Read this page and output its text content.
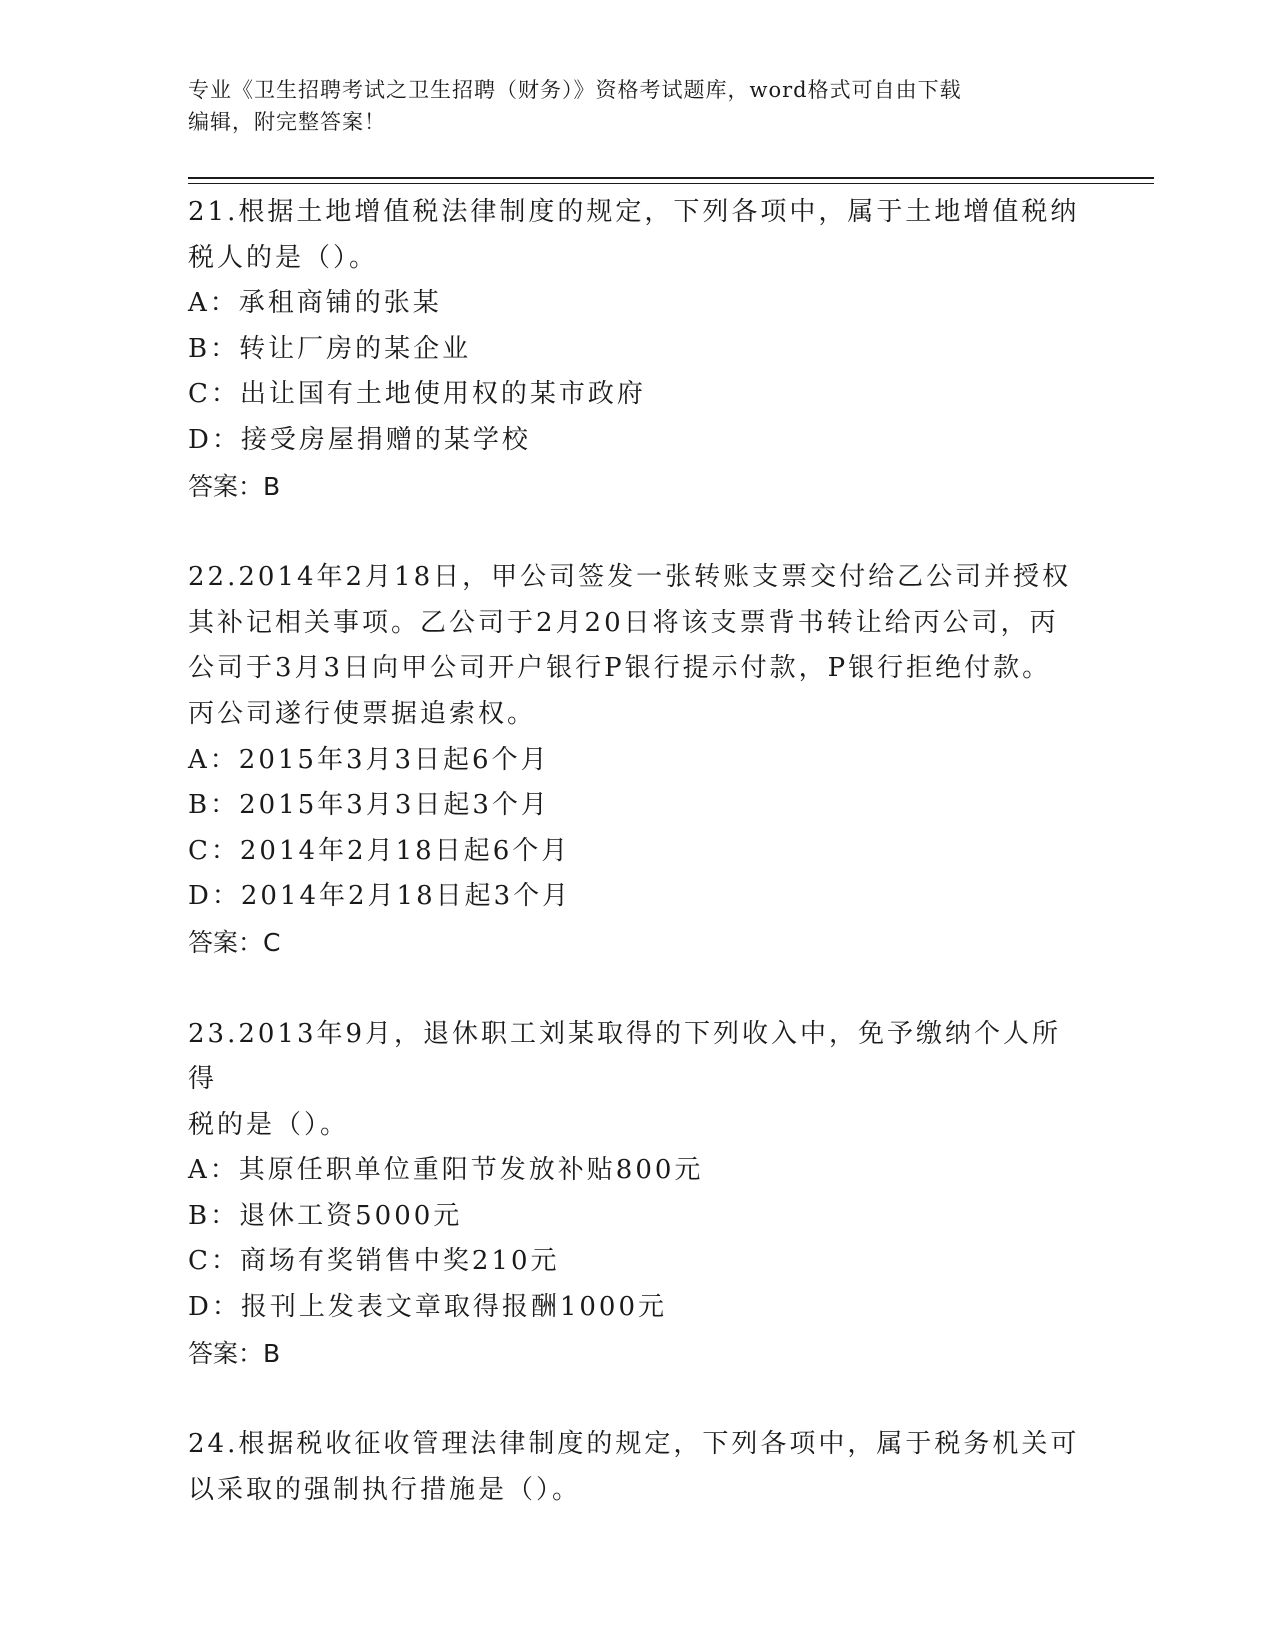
专业《卫生招聘考试之卫生招聘（财务）》资格考试题库，word格式可自由下载
编辑，附完整答案！
21.根据土地增值税法律制度的规定，下列各项中，属于土地增值税纳
税人的是（）。
A：承租商铺的张某
B：转让厂房的某企业
C：出让国有土地使用权的某市政府
D：接受房屋捐赠的某学校
答案：B
22.2014年2月18日，甲公司签发一张转账支票交付给乙公司并授权
其补记相关事项。乙公司于2月20日将该支票背书转让给丙公司，丙
公司于3月3日向甲公司开户银行P银行提示付款，P银行拒绝付款。
丙公司遂行使票据追索权。
A：2015年3月3日起6个月
B：2015年3月3日起3个月
C：2014年2月18日起6个月
D：2014年2月18日起3个月
答案：C
23.2013年9月，退休职工刘某取得的下列收入中，免予缴纳个人所得
税的是（）。
A：其原任职单位重阳节发放补贴800元
B：退休工资5000元
C：商场有奖销售中奖210元
D：报刊上发表文章取得报酬1000元
答案：B
24.根据税收征收管理法律制度的规定，下列各项中，属于税务机关可
以采取的强制执行措施是（）。
